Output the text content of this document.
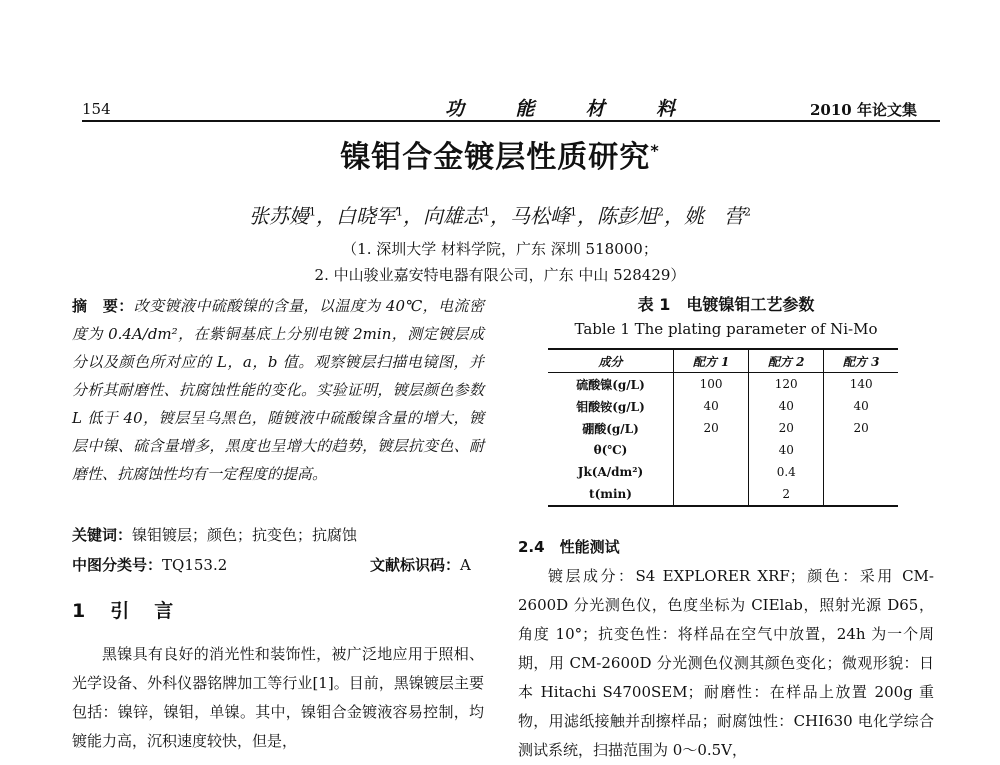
154	功	能	材	料	2010 年论文集
镍钼合金镀层性质研究*
张苏嫚$^1$，白晓军$^1$，向雄志$^1$，马松峰$^1$，陈彭旭$^2$，姚　营$^2$
（1. 深圳大学 材料学院，广东 深圳 518000；
2. 中山骏业嘉安特电器有限公司，广东 中山 528429）
摘　要：改变镀液中硫酸镍的含量，以温度为 40℃，电流密度为 0.4A/dm²，在紫铜基底上分别电镀 2min，测定镀层成分以及颜色所对应的 L，a，b 值。观察镀层扫描电镜图，并分析其耐磨性、抗腐蚀性能的变化。实验证明，镀层颜色参数 L 低于 40，镀层呈乌黑色，随镀液中硫酸镍含量的增大，镀层中镍、硫含量增多，黑度也呈增大的趋势，镀层抗变色、耐磨性、抗腐蚀性均有一定程度的提高。
关键词：镍钼镀层；颜色；抗变色；抗腐蚀
中图分类号：TQ153.2	文献标识码：A
1　引　言
黑镍具有良好的消光性和装饰性，被广泛地应用于照相、光学设备、外科仪器铭牌加工等行业[1]。目前，黑镍镀层主要包括：镍锌，镍钼，单镍。其中，镍钼合金镀液容易控制，均镀能力高，沉积速度较快，但是，
表 1　电镀镍钼工艺参数
Table 1 The plating parameter of Ni-Mo
成分	配方 1	配方 2	配方 3
硫酸镍(g/L)	100	120	140
钼酸铵(g/L)	40	40	40
硼酸(g/L)	20	20	20
θ(℃)		40	
Jk(A/dm²)		0.4	
t(min)		2	
2.4　性能测试
镀层成分：S4 EXPLORER XRF；颜色：采用 CM-2600D 分光测色仪，色度坐标为 CIElab，照射光源 D65，角度 10°；抗变色性：将样品在空气中放置，24h 为一个周期，用 CM-2600D 分光测色仪测其颜色变化；微观形貌：日本 Hitachi S4700SEM；耐磨性：在样品上放置 200g 重物，用滤纸接触并刮擦样品；耐腐蚀性：CHI630 电化学综合测试系统，扫描范围为 0～0.5V，
